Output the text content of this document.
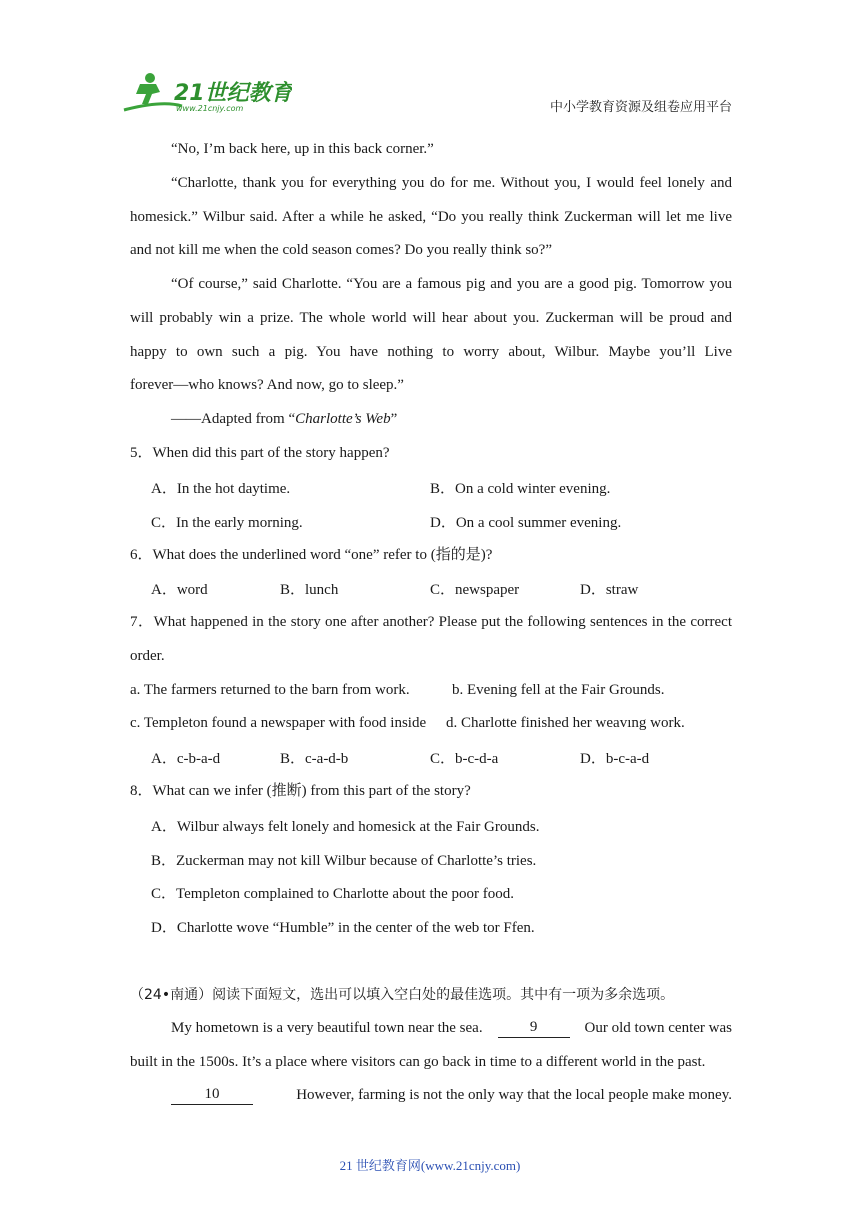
21世纪教育
www.21cnjy.com	中小学教育资源及组卷应用平台
“No, I’m back here, up in this back corner.”
“Charlotte, thank you for everything you do for me. Without you, I would feel lonely and
homesick.” Wilbur said. After a while he asked, “Do you really think Zuckerman will let me live
and not kill me when the cold season comes? Do you really think so?”
“Of course,” said Charlotte. “You are a famous pig and you are a good pig. Tomorrow you
will probably win a prize. The whole world will hear about you. Zuckerman will be proud and
happy to own such a pig. You have nothing to worry about, Wilbur. Maybe you’ll Live
forever—who knows? And now, go to sleep.”
——Adapted from “Charlotte’s Web”
5．When did this part of the story happen?
A．In the hot daytime.	B．On a cold winter evening.
C．In the early morning.	D．On a cool summer evening.
6．What does the underlined word “one” refer to (指的是)?
A．word	B．lunch	C．newspaper	D．straw
7．What happened in the story one after another? Please put the following sentences in the correct
order.
a. The farmers returned to the barn from work.	b. Evening fell at the Fair Grounds.
c. Templeton found a newspaper with food inside d. Charlotte finished her weavıng work.
A．c-b-a-d	B．c-a-d-b	C．b-c-d-a	D．b-c-a-d
8．What can we infer (推断) from this part of the story?
A．Wilbur always felt lonely and homesick at the Fair Grounds.
B．Zuckerman may not kill Wilbur because of Charlotte’s tries.
C．Templeton complained to Charlotte about the poor food.
D．Charlotte wove “Humble” in the center of the web tor Ffen.
（24•南通）阅读下面短文，选出可以填入空白处的最佳选项。其中有一项为多余选项。
My hometown is a very beautiful town near the sea.	9	Our old town center was
built in the 1500s. It’s a place where visitors can go back in time to a different world in the past.
10	However, farming is not the only way that the local people make money.
21 世纪教育网(www.21cnjy.com)
